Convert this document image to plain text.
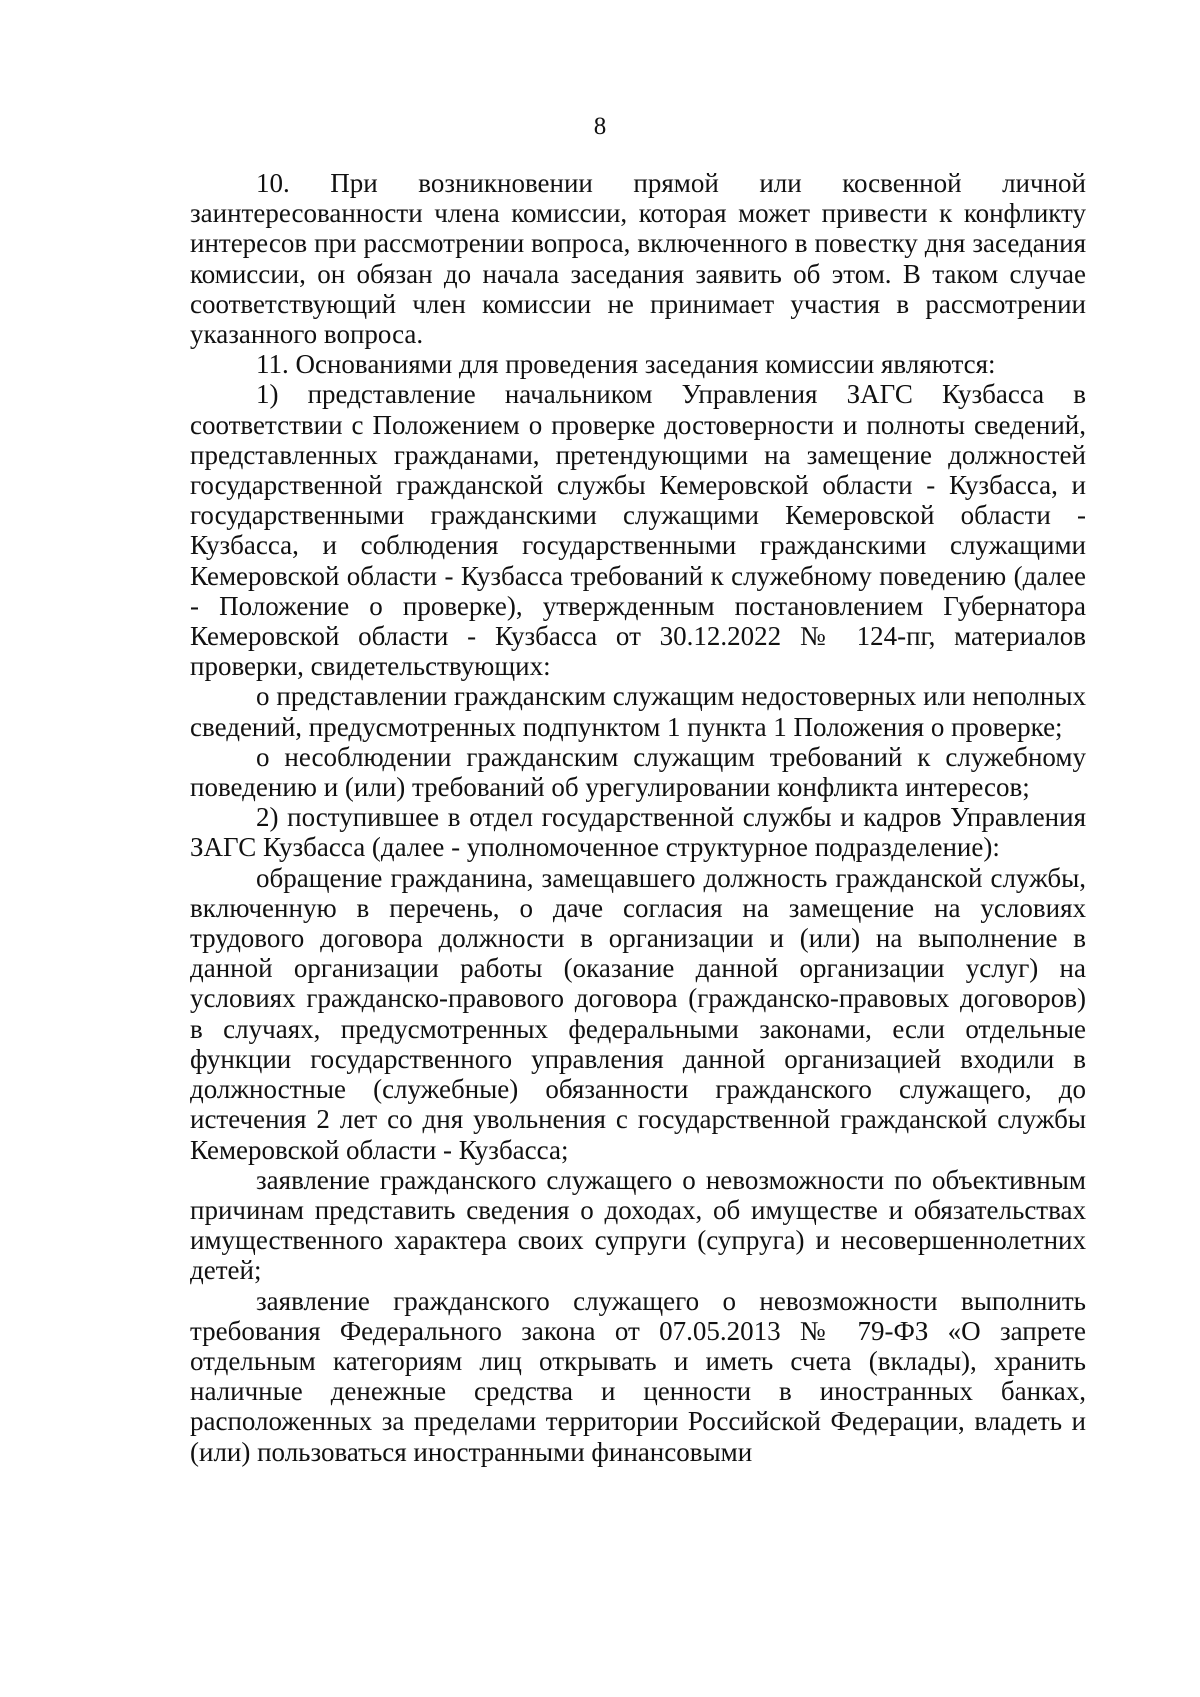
8

10. При возникновении прямой или косвенной личной заинтересованности члена комиссии, которая может привести к конфликту интересов при рассмотрении вопроса, включенного в повестку дня заседания комиссии, он обязан до начала заседания заявить об этом. В таком случае соответствующий член комиссии не принимает участия в рассмотрении указанного вопроса.

11. Основаниями для проведения заседания комиссии являются:

1) представление начальником Управления ЗАГС Кузбасса в соответствии с Положением о проверке достоверности и полноты сведений, представленных гражданами, претендующими на замещение должностей государственной гражданской службы Кемеровской области - Кузбасса, и государственными гражданскими служащими Кемеровской области - Кузбасса, и соблюдения государственными гражданскими служащими Кемеровской области - Кузбасса требований к служебному поведению (далее - Положение о проверке), утвержденным постановлением Губернатора Кемеровской области - Кузбасса от 30.12.2022 № 124-пг, материалов проверки, свидетельствующих:

о представлении гражданским служащим недостоверных или неполных сведений, предусмотренных подпунктом 1 пункта 1 Положения о проверке;

о несоблюдении гражданским служащим требований к служебному поведению и (или) требований об урегулировании конфликта интересов;

2) поступившее в отдел государственной службы и кадров Управления ЗАГС Кузбасса (далее - уполномоченное структурное подразделение):

обращение гражданина, замещавшего должность гражданской службы, включенную в перечень, о даче согласия на замещение на условиях трудового договора должности в организации и (или) на выполнение в данной организации работы (оказание данной организации услуг) на условиях гражданско-правового договора (гражданско-правовых договоров) в случаях, предусмотренных федеральными законами, если отдельные функции государственного управления данной организацией входили в должностные (служебные) обязанности гражданского служащего, до истечения 2 лет со дня увольнения с государственной гражданской службы Кемеровской области - Кузбасса;

заявление гражданского служащего о невозможности по объективным причинам представить сведения о доходах, об имуществе и обязательствах имущественного характера своих супруги (супруга) и несовершеннолетних детей;

заявление гражданского служащего о невозможности выполнить требования Федерального закона от 07.05.2013 № 79-ФЗ «О запрете отдельным категориям лиц открывать и иметь счета (вклады), хранить наличные денежные средства и ценности в иностранных банках, расположенных за пределами территории Российской Федерации, владеть и (или) пользоваться иностранными финансовыми
